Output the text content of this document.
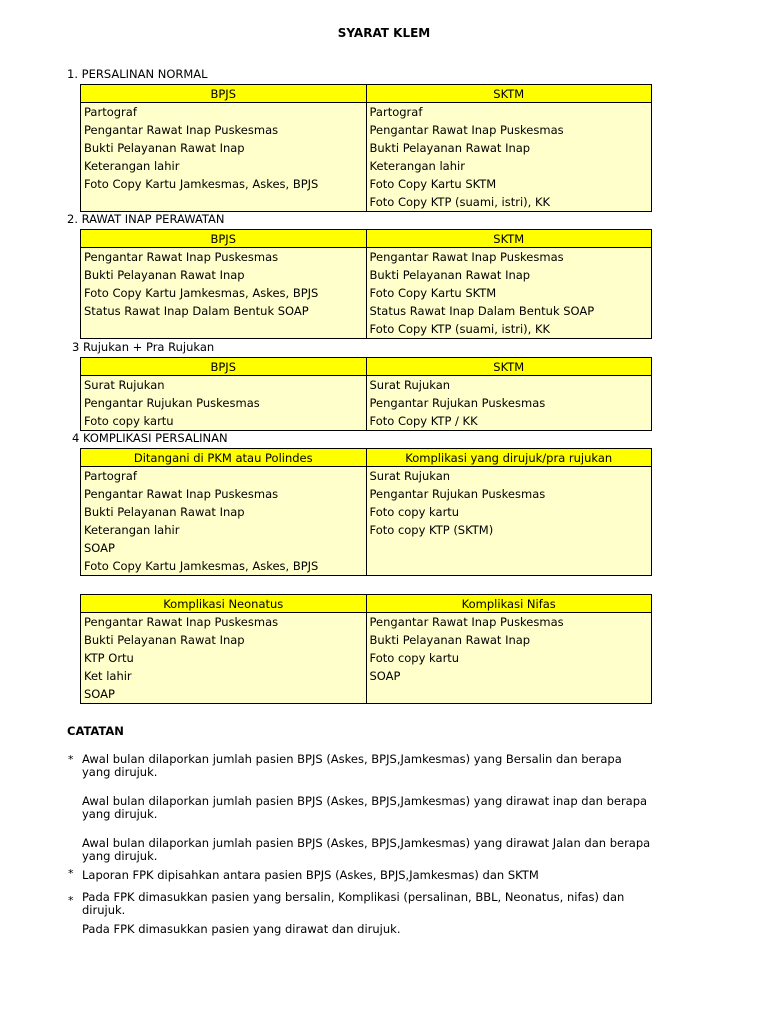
SYARAT KLEM
1. PERSALINAN NORMAL
BPJS	SKTM
Partograf	Partograf
Pengantar Rawat Inap Puskesmas	Pengantar Rawat Inap Puskesmas
Bukti Pelayanan Rawat Inap	Bukti Pelayanan Rawat Inap
Keterangan lahir	Keterangan lahir
Foto Copy Kartu Jamkesmas, Askes, BPJS	Foto Copy Kartu SKTM
	Foto Copy KTP (suami, istri), KK
2. RAWAT INAP PERAWATAN
BPJS	SKTM
Pengantar Rawat Inap Puskesmas	Pengantar Rawat Inap Puskesmas
Bukti Pelayanan Rawat Inap	Bukti Pelayanan Rawat Inap
Foto Copy Kartu Jamkesmas, Askes, BPJS	Foto Copy Kartu SKTM
Status Rawat Inap Dalam Bentuk SOAP	Status Rawat Inap Dalam Bentuk SOAP
	Foto Copy KTP (suami, istri), KK
3 Rujukan + Pra Rujukan
BPJS	SKTM
Surat Rujukan	Surat Rujukan
Pengantar Rujukan Puskesmas	Pengantar Rujukan Puskesmas
Foto copy kartu	Foto Copy KTP / KK
4 KOMPLIKASI PERSALINAN
Ditangani di PKM atau Polindes	Komplikasi yang dirujuk/pra rujukan
Partograf	Surat Rujukan
Pengantar Rawat Inap Puskesmas	Pengantar Rujukan Puskesmas
Bukti Pelayanan Rawat Inap	Foto copy kartu
Keterangan lahir	Foto copy KTP (SKTM)
SOAP	
Foto Copy Kartu Jamkesmas, Askes, BPJS	
Komplikasi Neonatus	Komplikasi Nifas
Pengantar Rawat Inap Puskesmas	Pengantar Rawat Inap Puskesmas
Bukti Pelayanan Rawat Inap	Bukti Pelayanan Rawat Inap
KTP Ortu	Foto copy kartu
Ket lahir	SOAP
SOAP	
CATATAN
* Awal bulan dilaporkan jumlah pasien BPJS (Askes, BPJS,Jamkesmas) yang Bersalin dan berapa yang dirujuk.
Awal bulan dilaporkan jumlah pasien BPJS (Askes, BPJS,Jamkesmas) yang dirawat inap dan berapa yang dirujuk.
Awal bulan dilaporkan jumlah pasien BPJS (Askes, BPJS,Jamkesmas) yang dirawat Jalan dan berapa yang dirujuk.
* Laporan FPK dipisahkan antara pasien BPJS (Askes, BPJS,Jamkesmas) dan SKTM
* Pada FPK dimasukkan pasien yang bersalin, Komplikasi (persalinan, BBL, Neonatus, nifas) dan dirujuk.
Pada FPK dimasukkan pasien yang dirawat dan dirujuk.
